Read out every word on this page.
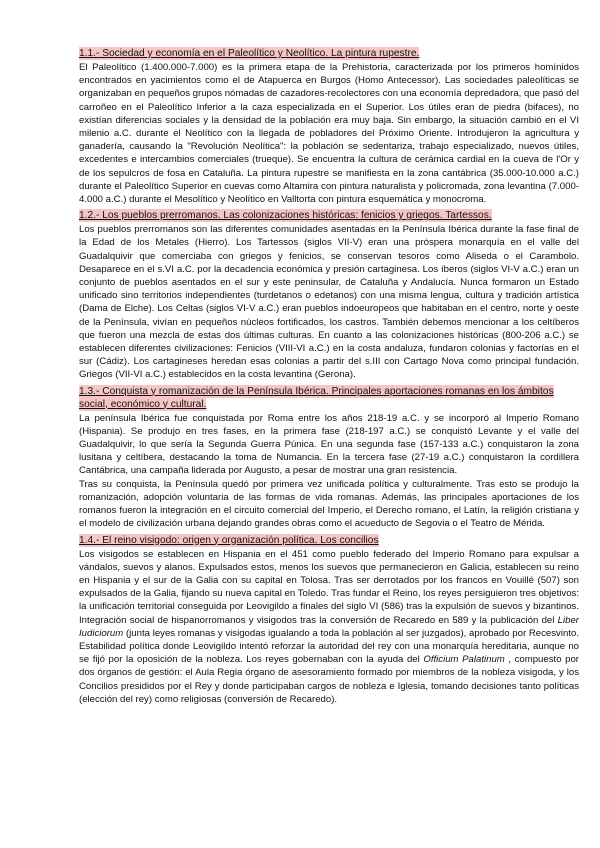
1.1.- Sociedad y economía en el Paleolítico y Neolítico. La pintura rupestre.

El Paleolítico (1.400.000-7.000) es la primera etapa de la Prehistoria, caracterizada por los primeros homínidos encontrados en yacimientos como el de Atapuerca en Burgos (Homo Antecessor). Las sociedades paleolíticas se organizaban en pequeños grupos nómadas de cazadores-recolectores con una economía depredadora, que pasó del carroñeo en el Paleolítico Inferior a la caza especializada en el Superior. Los útiles eran de piedra (bifaces), no existían diferencias sociales y la densidad de la población era muy baja. Sin embargo, la situación cambió en el VI milenio a.C. durante el Neolítico con la llegada de pobladores del Próximo Oriente. Introdujeron la agricultura y ganadería, causando la "Revolución Neolítica": la población se sedentariza, trabajo especializado, nuevos útiles, excedentes e intercambios comerciales (trueque). Se encuentra la cultura de cerámica cardial en la cueva de l'Or y de los sepulcros de fosa en Cataluña. La pintura rupestre se manifiesta en la zona cantábrica (35.000-10.000 a.C.) durante el Paleolítico Superior en cuevas como Altamira con pintura naturalista y policromada, zona levantina (7.000-4.000 a.C.) durante el Mesolítico y Neolítico en Valltorta con pintura esquemática y monocroma.

1.2.- Los pueblos prerromanos. Las colonizaciones históricas: fenicios y griegos. Tartessos.

Los pueblos prerromanos son las diferentes comunidades asentadas en la Península Ibérica durante la fase final de la Edad de los Metales (Hierro). Los Tartessos (siglos VII-V) eran una próspera monarquía en el valle del Guadalquivir que comerciaba con griegos y fenicios, se conservan tesoros como Aliseda o el Carambolo. Desaparece en el s.VI a.C. por la decadencia económica y presión cartaginesa. Los íberos (siglos VI-V a.C.) eran un conjunto de pueblos asentados en el sur y este peninsular, de Cataluña y Andalucía. Nunca formaron un Estado unificado sino territorios independientes (turdetanos o edetanos) con una misma lengua, cultura y tradición artística (Dama de Elche). Los Celtas (siglos VI-V a.C.) eran pueblos indoeuropeos que habitaban en el centro, norte y oeste de la Península, vivían en pequeños núcleos fortificados, los castros. También debemos mencionar a los celtíberos que fueron una mezcla de estas dos últimas culturas. En cuanto a las colonizaciones históricas (800-206 a.C.) se establecen diferentes civilizaciones: Fenicios (VIII-VI a.C.) en la costa andaluza, fundaron colonias y factorías en el sur (Cádiz). Los cartagineses heredan esas colonias a partir del s.III con Cartago Nova como principal fundación. Griegos (VII-VI a.C.) establecidos en la costa levantina (Gerona).

1.3.- Conquista y romanización de la Península Ibérica. Principales aportaciones romanas en los ámbitos social, económico y cultural.

La península Ibérica fue conquistada por Roma entre los años 218-19 a.C. y se incorporó al Imperio Romano (Hispania). Se produjo en tres fases, en la primera fase (218-197 a.C.) se conquistó Levante y el valle del Guadalquivir, lo que sería la Segunda Guerra Púnica. En una segunda fase (157-133 a.C.) conquistaron la zona lusitana y celtíbera, destacando la toma de Numancia. En la tercera fase (27-19 a.C.) conquistaron la cordillera Cantábrica, una campaña liderada por Augusto, a pesar de mostrar una gran resistencia.

Tras su conquista, la Península quedó por primera vez unificada política y culturalmente. Tras esto se produjo la romanización, adopción voluntaria de las formas de vida romanas. Además, las principales aportaciones de los romanos fueron la integración en el circuito comercial del Imperio, el Derecho romano, el Latín, la religión cristiana y el modelo de civilización urbana dejando grandes obras como el acueducto de Segovia o el Teatro de Mérida.

1.4.- El reino visigodo: origen y organización política. Los concilios

Los visigodos se establecen en Hispania en el 451 como pueblo federado del Imperio Romano para expulsar a vándalos, suevos y alanos. Expulsados estos, menos los suevos que permanecieron en Galicia, establecen su reino en Hispania y el sur de la Galia con su capital en Tolosa. Tras ser derrotados por los francos en Vouillé (507) son expulsados de la Galia, fijando su nueva capital en Toledo. Tras fundar el Reino, los reyes persiguieron tres objetivos: la unificación territorial conseguida por Leovigildo a finales del siglo VI (586) tras la expulsión de suevos y bizantinos. Integración social de hispanorromanos y visigodos tras la conversión de Recaredo en 589 y la publicación del Liber Iudiciorum (junta leyes romanas y visigodas igualando a toda la población al ser juzgados), aprobado por Recesvinto. Estabilidad política donde Leovigildo intentó reforzar la autoridad del rey con una monarquía hereditaria, aunque no se fijó por la oposición de la nobleza. Los reyes gobernaban con la ayuda del Officium Palatinum , compuesto por dos órganos de gestión: el Aula Regia órgano de asesoramiento formado por miembros de la nobleza visigoda, y los Concilios presididos por el Rey y donde participaban cargos de nobleza e Iglesia, tomando decisiones tanto políticas (elección del rey) como religiosas (conversión de Recaredo).
